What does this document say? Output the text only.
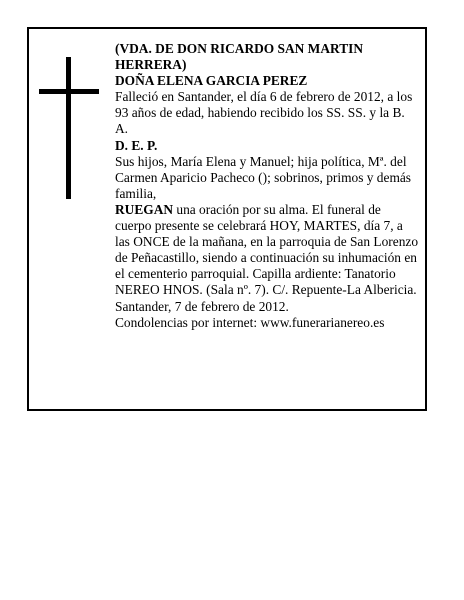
(VDA. DE DON RICARDO SAN MARTIN HERRERA)

DOÑA ELENA GARCIA PEREZ

Falleció en Santander, el día 6 de febrero de 2012, a los 93 años de edad, habiendo recibido los SS. SS. y la B. A.

D. E. P.

Sus hijos, María Elena y Manuel; hija política, Mª. del Carmen Aparicio Pacheco (); sobrinos, primos y demás familia,

RUEGAN una oración por su alma. El funeral de cuerpo presente se celebrará HOY, MARTES, día 7, a las ONCE de la mañana, en la parroquia de San Lorenzo de Peñacastillo, siendo a continuación su inhumación en el cementerio parroquial. Capilla ardiente: Tanatorio NEREO HNOS. (Sala nº. 7). C/. Repuente-La Albericia.

Santander, 7 de febrero de 2012.

Condolencias por internet: www.funerarianereo.es
